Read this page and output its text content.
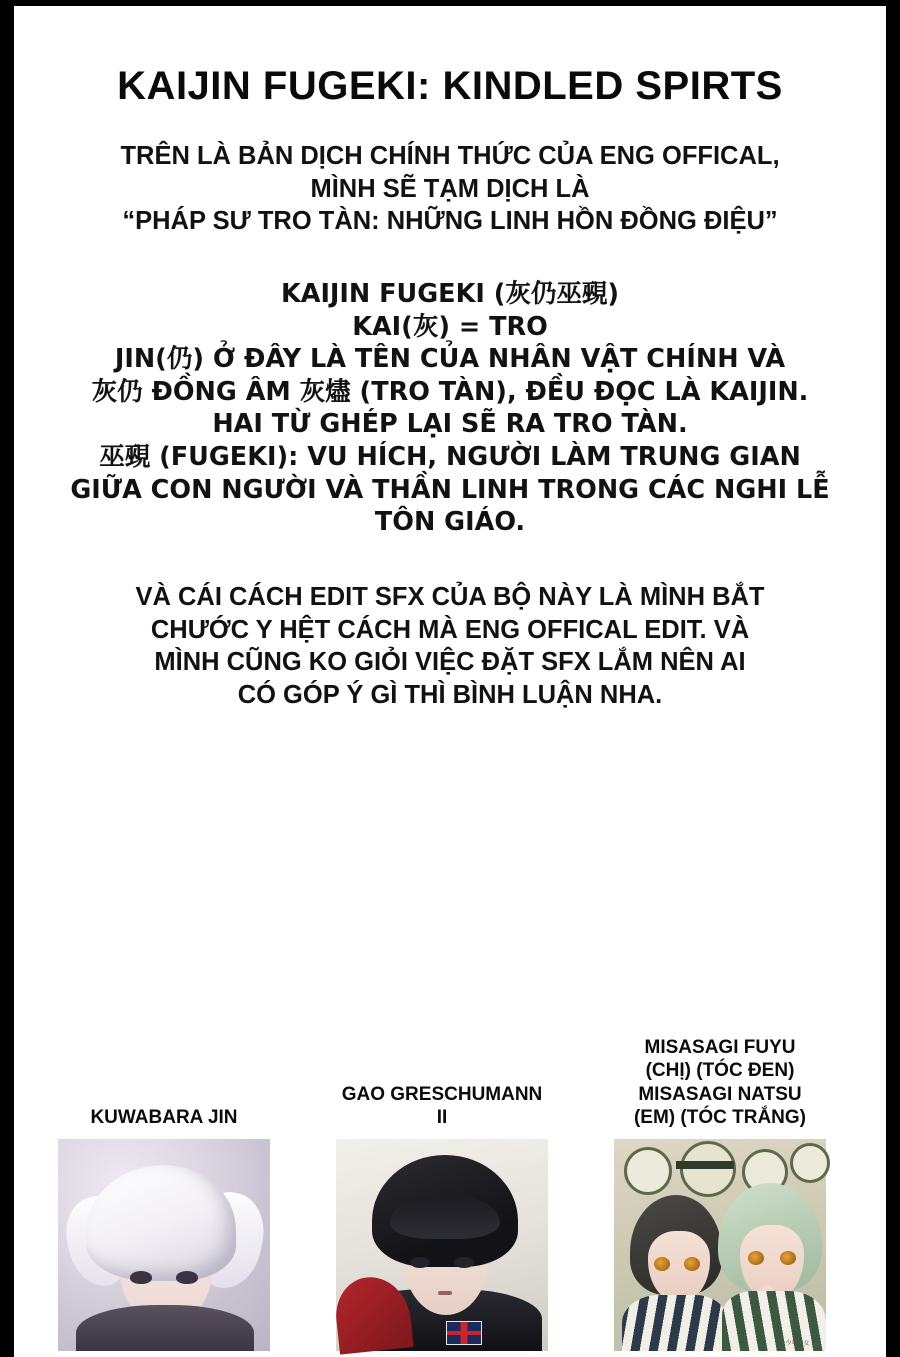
KAIJIN FUGEKI: KINDLED SPIRTS
TRÊN LÀ BẢN DỊCH CHÍNH THỨC CỦA ENG OFFICAL,
MÌNH SẼ TẠM DỊCH LÀ
“PHÁP SƯ TRO TÀN: NHỮNG LINH HỒN ĐỒNG ĐIỆU”
KAIJIN FUGEKI (灰仍巫覡)
KAI(灰) = TRO
JIN(仍) Ở ĐÂY LÀ TÊN CỦA NHÂN VẬT CHÍNH VÀ
灰仍 ĐỒNG ÂM 灰燼 (TRO TÀN), ĐỀU ĐỌC LÀ KAIJIN.
HAI TỪ GHÉP LẠI SẼ RA TRO TÀN.
巫覡 (FUGEKI): VU HÍCH, NGƯỜI LÀM TRUNG GIAN
GIỮA CON NGƯỜI VÀ THẦN LINH TRONG CÁC NGHI LỄ
TÔN GIÁO.
VÀ CÁI CÁCH EDIT SFX CỦA BỘ NÀY LÀ MÌNH BẮT
CHƯỚC Y HỆT CÁCH MÀ ENG OFFICAL EDIT. VÀ
MÌNH CŨNG KO GIỎI VIỆC ĐẶT SFX LẮM NÊN AI
CÓ GÓP Ý GÌ THÌ BÌNH LUẬN NHA.
KUWABARA JIN
GAO GRESCHUMANN II
MISASAGI FUYU
(CHỊ) (TÓC ĐEN)
MISASAGI NATSU
(EM) (TÓC TRẮNG)
少年少女 sig
